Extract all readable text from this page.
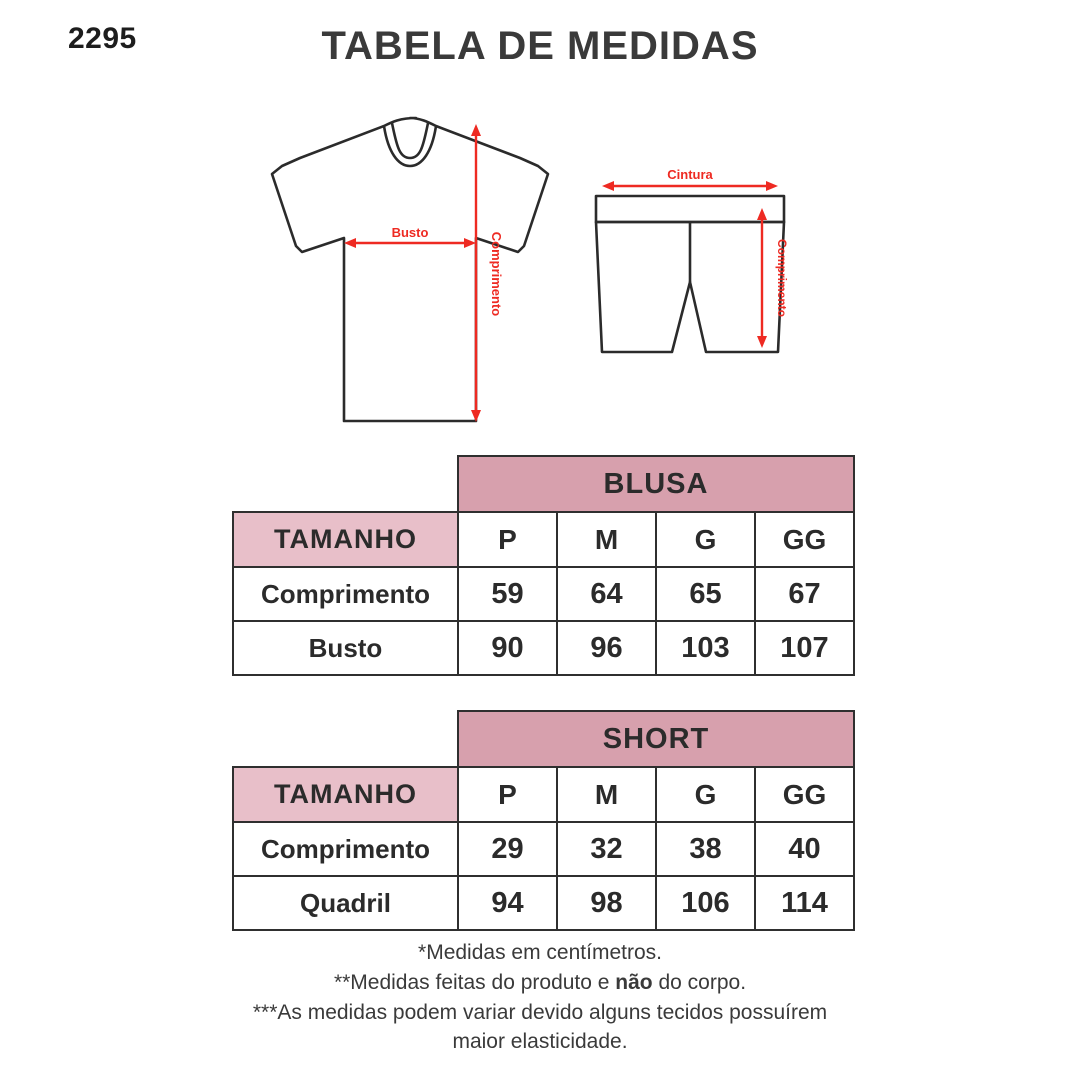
2295	TABELA DE MEDIDAS
Busto	Comprimento
Cintura
Comprimento
	BLUSA			
TAMANHO	P	M	G	GG
Comprimento	59	64	65	67
Busto	90	96	103	107
	SHORT			
TAMANHO	P	M	G	GG
Comprimento	29	32	38	40
Quadril	94	98	106	114
*Medidas em centímetros.
**Medidas feitas do produto e não do corpo.
***As medidas podem variar devido alguns tecidos possuírem
maior elasticidade.
